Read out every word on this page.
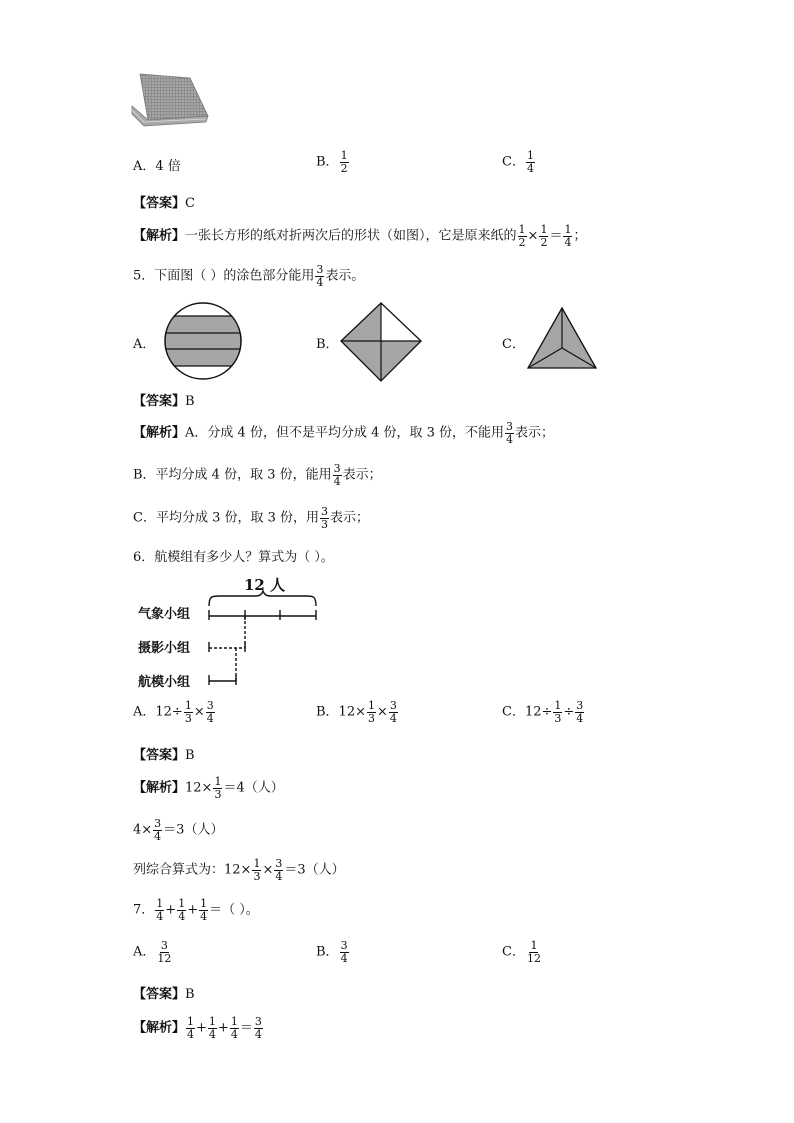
A．4 倍	B． $\frac{1}{2}$	C． $\frac{1}{4}$
【答案】C
【解析】一张长方形的纸对折两次后的形状（如图），它是原来纸的 $\frac{1}{2} \times \frac{1}{2} = \frac{1}{4}$ ；
5．下面图（ ）的涂色部分能用 $\frac{3}{4}$ 表示。
A．	B．	C．
【答案】B
【解析】A．分成 4 份，但不是平均分成 4 份，取 3 份，不能用 $\frac{3}{4}$ 表示；
B．平均分成 4 份，取 3 份，能用 $\frac{3}{4}$ 表示；
C．平均分成 3 份，取 3 份，用 $\frac{3}{3}$ 表示；
6．航模组有多少人？算式为（ ）。
12 人
气象小组
摄影小组
航模小组
A．$12\div \frac{1}{3} \times \frac{3}{4}$	B．$12\times \frac{1}{3} \times \frac{3}{4}$	C．$12\div \frac{1}{3} \div \frac{3}{4}$
【答案】B
【解析】$12\times \frac{1}{3} =4$（人）
$4\times \frac{3}{4} =3$（人）
列综合算式为：$12\times \frac{1}{3} \times \frac{3}{4} =3$（人）
7． $\frac{1}{4} + \frac{1}{4} + \frac{1}{4}$ ＝（ ）。
A． $\frac{3}{12}$	B． $\frac{3}{4}$	C． $\frac{1}{12}$
【答案】B
【解析】 $\frac{1}{4} + \frac{1}{4} + \frac{1}{4} = \frac{3}{4}$
